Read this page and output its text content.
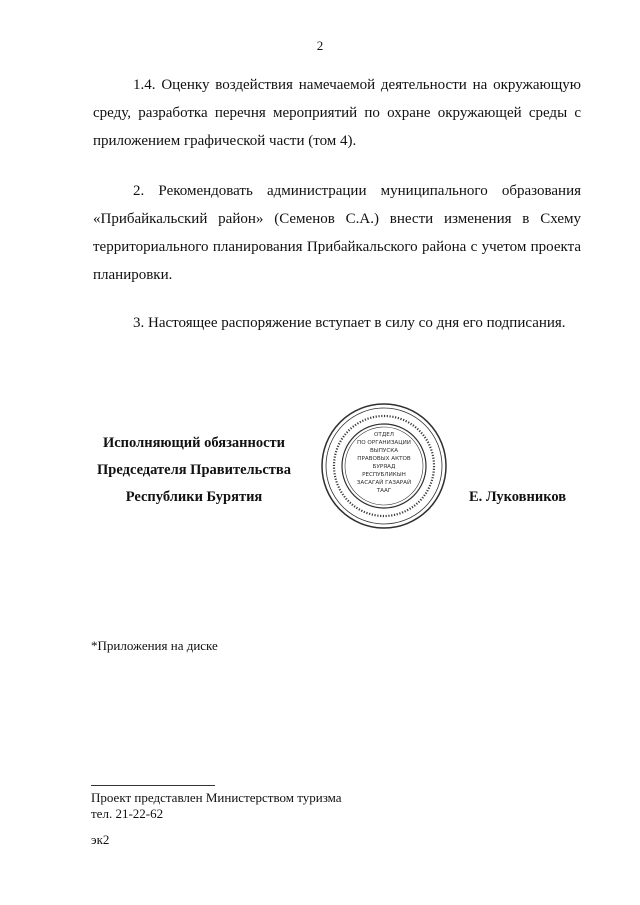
2

1.4. Оценку воздействия намечаемой деятельности на окружающую среду, разработка перечня мероприятий по охране окружающей среды с приложением графической части (том 4).

2. Рекомендовать администрации муниципального образования «Прибайкальский район» (Семенов С.А.) внести изменения в Схему территориального планирования Прибайкальского района с учетом проекта планировки.

3. Настоящее распоряжение вступает в силу со дня его подписания.

Исполняющий обязанности
Председателя Правительства
Республики Бурятия
ОТДЕЛ
ПО ОРГАНИЗАЦИИ
ВЫПУСКА
ПРАВОВЫХ АКТОВ
БУРЯАД
РЕСПУБЛИКЫН
ЗАСАГАЙ ГАЗАРАЙ
ТААГ	Е. Луковников
*Приложения на диске
Проект представлен Министерством туризма
тел. 21-22-62
эк2
